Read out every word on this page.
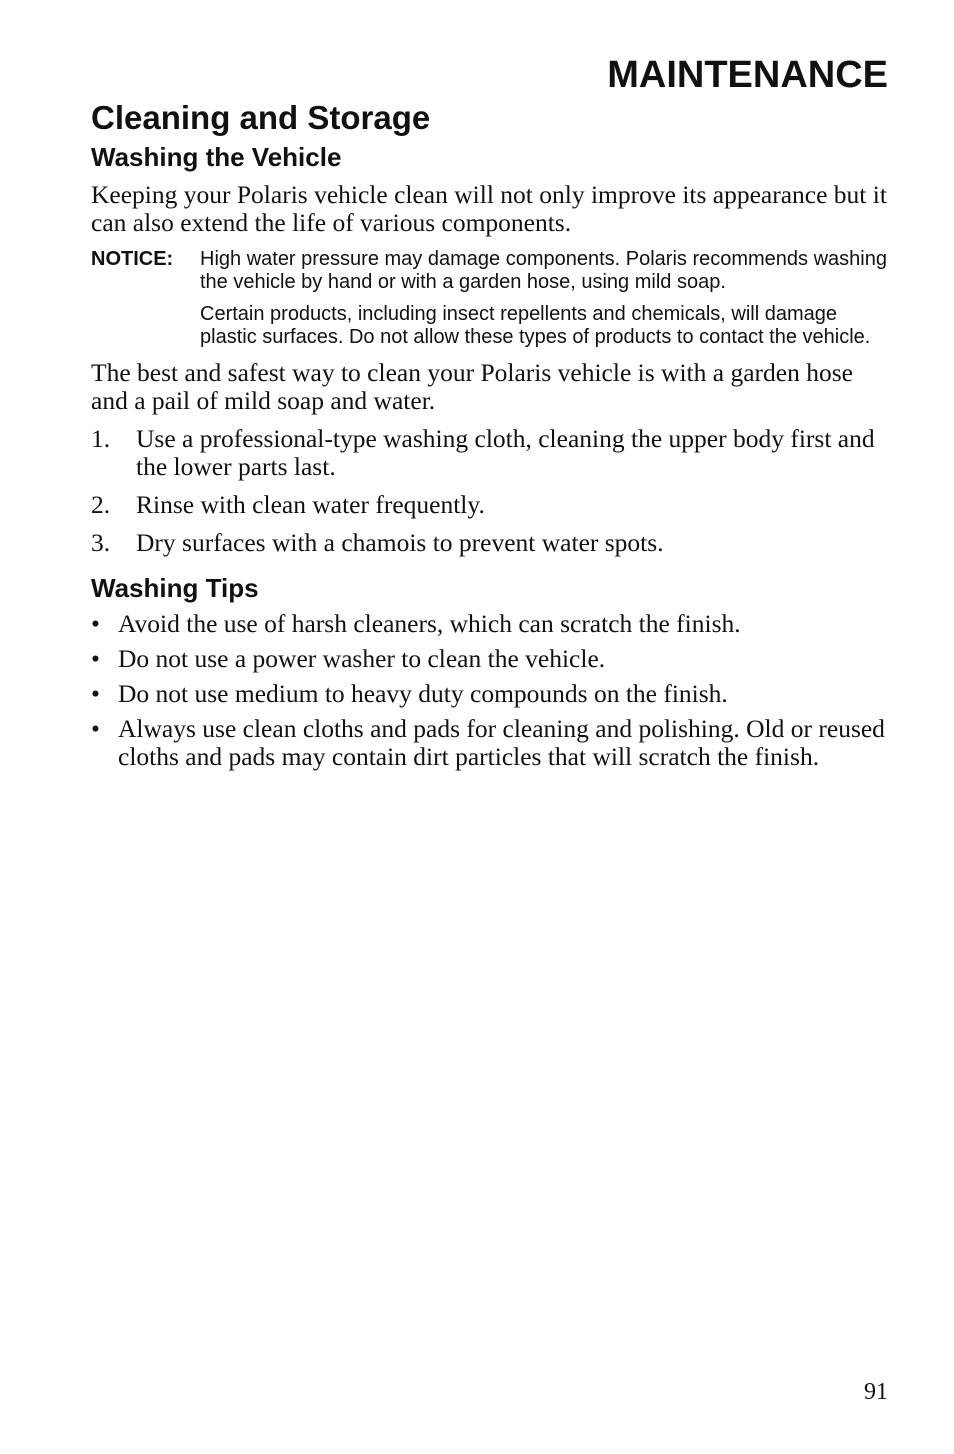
MAINTENANCE
Cleaning and Storage
Washing the Vehicle

Keeping your Polaris vehicle clean will not only improve its appearance but it can also extend the life of various components.

NOTICE:	High water pressure may damage components. Polaris recommends washing the vehicle by hand or with a garden hose, using mild soap.

Certain products, including insect repellents and chemicals, will damage plastic surfaces. Do not allow these types of products to contact the vehicle.

The best and safest way to clean your Polaris vehicle is with a garden hose and a pail of mild soap and water.

1.	Use a professional-type washing cloth, cleaning the upper body first and the lower parts last.
2.	Rinse with clean water frequently.
3.	Dry surfaces with a chamois to prevent water spots.
Washing Tips
• Avoid the use of harsh cleaners, which can scratch the finish.
• Do not use a power washer to clean the vehicle.
• Do not use medium to heavy duty compounds on the finish.
• Always use clean cloths and pads for cleaning and polishing. Old or reused cloths and pads may contain dirt particles that will scratch the finish.

91
